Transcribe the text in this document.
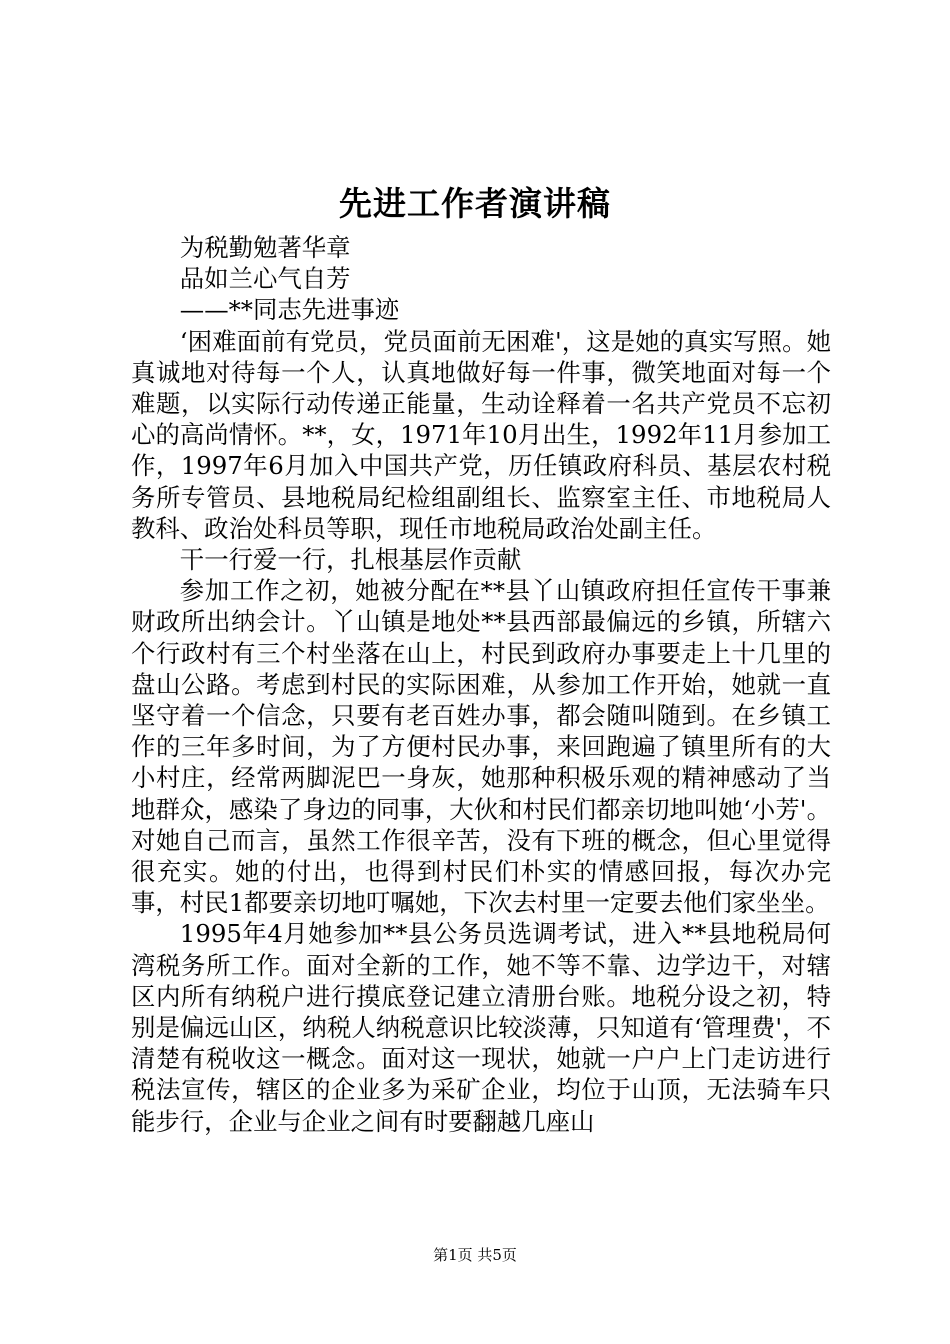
先进工作者演讲稿

为税勤勉著华章

品如兰心气自芳

——**同志先进事迹

‘困难面前有党员，党员面前无困难'，这是她的真实写照。她真诚地对待每一个人，认真地做好每一件事，微笑地面对每一个难题，以实际行动传递正能量，生动诠释着一名共产党员不忘初心的高尚情怀。**，女，1971年10月出生，1992年11月参加工作，1997年6月加入中国共产党，历任镇政府科员、基层农村税务所专管员、县地税局纪检组副组长、监察室主任、市地税局人教科、政治处科员等职，现任市地税局政治处副主任。

干一行爱一行，扎根基层作贡献

参加工作之初，她被分配在**县丫山镇政府担任宣传干事兼财政所出纳会计。丫山镇是地处**县西部最偏远的乡镇，所辖六个行政村有三个村坐落在山上，村民到政府办事要走上十几里的盘山公路。考虑到村民的实际困难，从参加工作开始，她就一直坚守着一个信念，只要有老百姓办事，都会随叫随到。在乡镇工作的三年多时间，为了方便村民办事，来回跑遍了镇里所有的大小村庄，经常两脚泥巴一身灰，她那种积极乐观的精神感动了当地群众，感染了身边的同事，大伙和村民们都亲切地叫她‘小芳'。对她自己而言，虽然工作很辛苦，没有下班的概念，但心里觉得很充实。她的付出，也得到村民们朴实的情感回报，每次办完事，村民1都要亲切地叮嘱她，下次去村里一定要去他们家坐坐。

1995年4月她参加**县公务员选调考试，进入**县地税局何湾税务所工作。面对全新的工作，她不等不靠、边学边干，对辖区内所有纳税户进行摸底登记建立清册台账。地税分设之初，特别是偏远山区，纳税人纳税意识比较淡薄，只知道有‘管理费'，不清楚有税收这一概念。面对这一现状，她就一户户上门走访进行税法宣传，辖区的企业多为采矿企业，均位于山顶，无法骑车只能步行，企业与企业之间有时要翻越几座山

第1页 共5页
